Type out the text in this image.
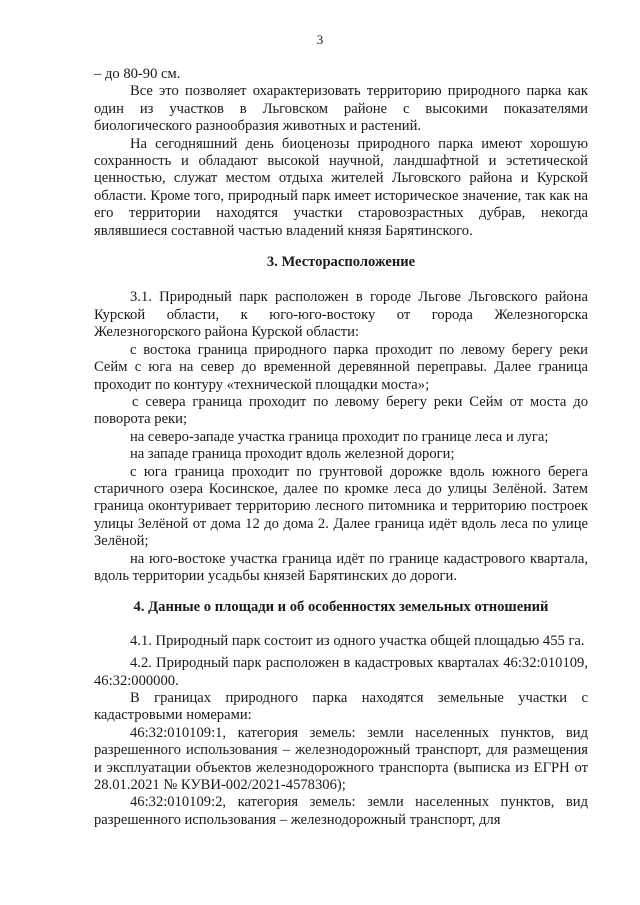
3

– до 80-90 см.

Все это позволяет охарактеризовать территорию природного парка как один из участков в Льговском районе с высокими показателями биологического разнообразия животных и растений.

На сегодняшний день биоценозы природного парка имеют хорошую сохранность и обладают высокой научной, ландшафтной и эстетической ценностью, служат местом отдыха жителей Льговского района и Курской области. Кроме того, природный парк имеет историческое значение, так как на его территории находятся участки старовозрастных дубрав, некогда являвшиеся составной частью владений князя Барятинского.

3. Месторасположение

3.1. Природный парк расположен в городе Льгове Льговского района Курской области, к юго-юго-востоку от города Железногорска Железногорского района Курской области:

с востока граница природного парка проходит по левому берегу реки Сейм с юга на север до временной деревянной переправы. Далее граница проходит по контуру «технической площадки моста»;

с севера граница проходит по левому берегу реки Сейм от моста до поворота реки;

на северо-западе участка граница проходит по границе леса и луга;

на западе граница проходит вдоль железной дороги;

с юга граница проходит по грунтовой дорожке вдоль южного берега старичного озера Косинское, далее по кромке леса до улицы Зелёной. Затем граница оконтуривает территорию лесного питомника и территорию построек улицы Зелёной от дома 12 до дома 2. Далее граница идёт вдоль леса по улице Зелёной;

на юго-востоке участка граница идёт по границе кадастрового квартала, вдоль территории усадьбы князей Барятинских до дороги.

4. Данные о площади и об особенностях земельных отношений

4.1. Природный парк состоит из одного участка общей площадью 455 га.

4.2. Природный парк расположен в кадастровых кварталах 46:32:010109, 46:32:000000.

В границах природного парка находятся земельные участки с кадастровыми номерами:

46:32:010109:1, категория земель: земли населенных пунктов, вид разрешенного использования – железнодорожный транспорт, для размещения и эксплуатации объектов железнодорожного транспорта (выписка из ЕГРН от 28.01.2021 № КУВИ-002/2021-4578306);

46:32:010109:2, категория земель: земли населенных пунктов, вид разрешенного использования – железнодорожный транспорт, для
